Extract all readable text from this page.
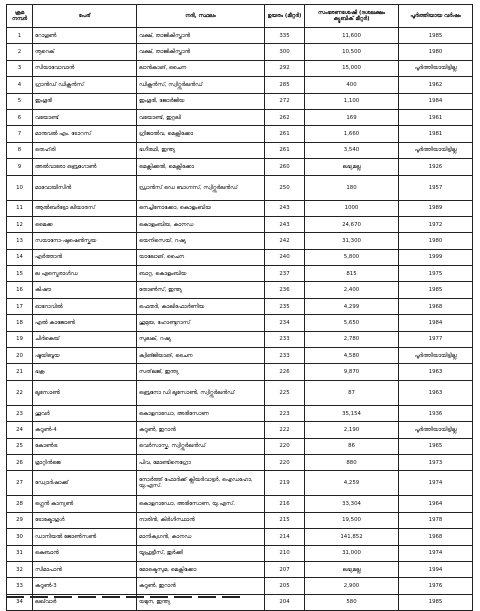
ക്രമ നമ്പർ	പേര്	നദി, സ്ഥലം	ഉയരം (മീറ്റർ)	സംഭരണശേഷി (ദശലക്ഷം ക്യൂബിക് മീറ്റർ)	പൂർത്തിയായ വർഷം
1	റോഗൂൺ	വക്ഷ്, താജികിസ്താൻ	335	11,600	1985
2	നൂറെക്	വക്ഷ്, താജികിസ്താൻ	300	10,500	1980
3	സിയാവോവാൻ	ലാൻകാങ്, ചൈന	292	15,000	പൂർത്തിയായിട്ടില്ല
4	ഗ്രാൻഡ് ഡിക്സൻസ്	ഡിക്സൻസ്, സ്വിറ്റ്സർലൻഡ്	285	400	1962
5	ഇംഗൂരി	ഇംഗൂരി, ജോർജിയ	272	1,100	1984
6	വയോണ്ട്	വയോണ്ട്, ഇറ്റലി	262	169	1961
7	മാനുവൽ എം. ടോറസ്	ഗ്രിജാൽവ, മെക്സിക്കോ	261	1,660	1981
8	തെഹ്‌രി	ഭഗീരഥി, ഇന്ത്യ	261	3,540	പൂർത്തിയായിട്ടില്ല
9	അൽവാരോ ഒബ്രഗോൺ	മെക്സിക്കൽ, മെക്സിക്കോ	260	ലഭ്യമല്ല	1926
10	മാവോയിസിൻ	ഡ്രാൻസ് ഡെ ബാഗ്നസ്, സ്വിറ്റ്സർലൻഡ്	250	180	1957
11	ആൽബർട്ടോ ലിയാരസ്	നെച്ചിനോക്കോ, കൊളംബിയ	243	1000	1989
12	മൈക്ക	കൊളംബിയ, കാനഡ	243	24,670	1972
13	സയാനോ-ഷുഷെൻസ്കയ	യെനിസെയ്, റഷ്യ	242	31,300	1980
14	എർത്താൻ	യാലോങ്, ചൈന	240	5,800	1999
15	ല എസ്മെരാൾഡ	ബാറ്റ, കൊളംബിയ	237	815	1975
16	കിഷൗ	തോൺസ്, ഇന്ത്യ	236	2,400	1985
17	ഓറോവിൽ	ഫെതർ, കാലിഫോർണിയ	235	4,299	1968
18	എൽ കാജോൺ	ഹുമുയ, ഹോണ്ടുറാസ്	234	5,650	1984
19	ചിർകെയ്	സുലക്, റഷ്യ	233	2,780	1977
20	ഷൂയിബൂയ	ക്വിങ്ജിയാങ്, ചൈന	233	4,580	പൂർത്തിയായിട്ടില്ല
21	ഭക്ര	സത്‌ലജ്, ഇന്ത്യ	226	9,870	1963
22	ലൂസോൺ	ബ്രെനോ ഡി ലൂസോൺ, സ്വിറ്റ്സർലൻഡ്	225	87	1963
23	ഹൂവർ	കൊളറാഡോ, അരിസോണ	223	35,154	1936
24	കറൂൺ-4	കറൂൺ, ഇറാൻ	222	2,190	പൂർത്തിയായിട്ടില്ല
25	കോൺട്ര	വെർസാസ്ക, സ്വിറ്റ്സർലൻഡ്	220	86	1965
26	മ്രാറ്റിൻജെ	പിവ, മോണ്ടിനെഗ്രോ	220	880	1973
27	ഡ്വോർഷാക്ക്	നോർത്ത് ഫോർക്ക് ക്ലിയർവാട്ടർ, ഐഡഹോ, യു.എസ്.	219	4,259	1974
28	ഗ്ലെൻ കാന്യൺ	കൊളറാഡോ, അരിസോണ, യു.എസ്.	216	33,304	1964
29	ടോക്ടോഗുൾ	നാരിൻ, കിർഗിസ്ഥാൻ	215	19,500	1978
30	ഡാനിയൽ ജോൺസൺ	മാനിക്വഗൻ, കാനഡ	214	141,852	1968
31	കെബാൻ	യൂഫ്രട്ടീസ്, തുർക്കി	210	31,000	1974
32	സിമാപാൻ	മോക്ടെസുമ, മെക്സിക്കോ	207	ലഭ്യമല്ല	1994
33	കറൂൺ-3	കറൂൺ, ഇറാൻ	205	2,900	1976
34	ലഖ്‌വാർ	യമുന, ഇന്ത്യ	204	580	1985
